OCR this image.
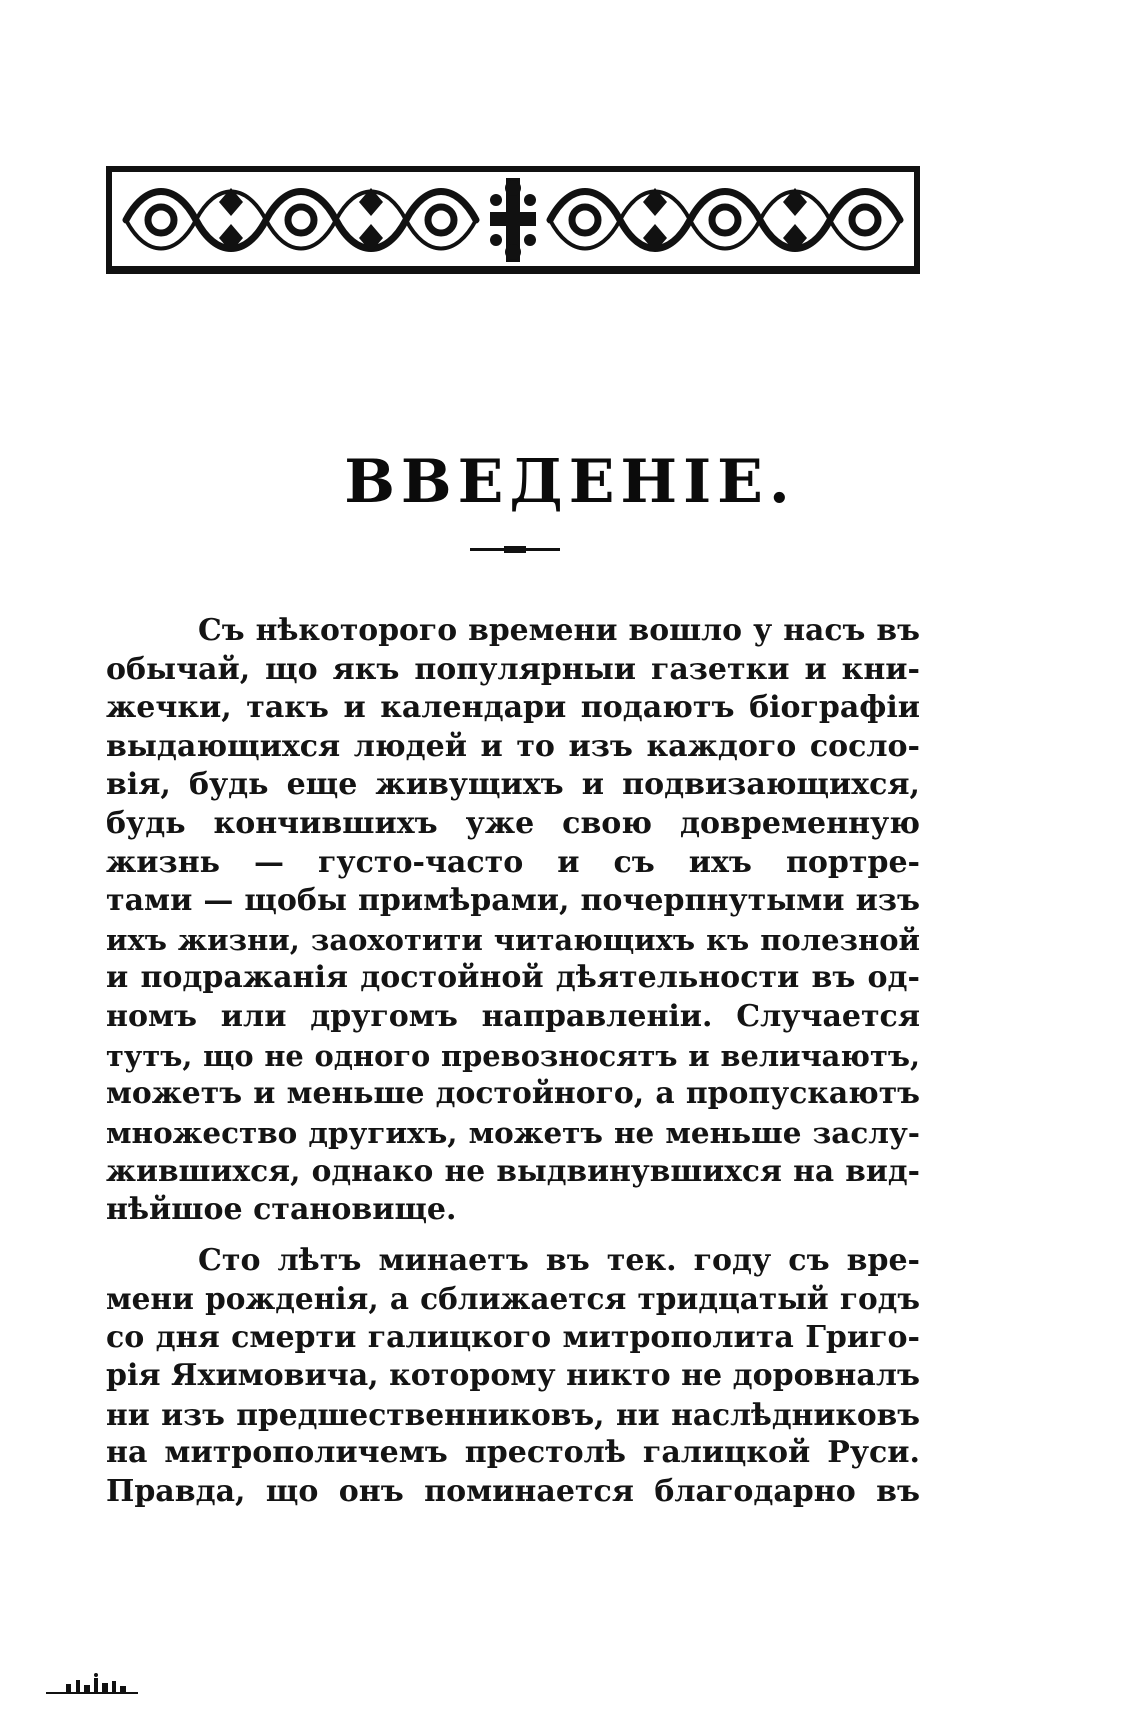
ВВЕДЕНІЕ.
Съ нѣкоторого времени вошло у насъ въ
обычай, що якъ популярныи газетки и кни-
жечки, такъ и календари подаютъ біографіи
выдающихся людей и то изъ каждого сосло-
вія, будь еще живущихъ и подвизающихся,
будь кончившихъ уже свою довременную
жизнь — густо-часто и съ ихъ портре-
тами — щобы примѣрами, почерпнутыми изъ
ихъ жизни, заохотити читающихъ къ полезной
и подражанія достойной дѣятельности въ од-
номъ или другомъ направленіи. Случается
тутъ, що не одного превозносятъ и величаютъ,
можетъ и меньше достойного, а пропускаютъ
множество другихъ, можетъ не меньше заслу-
жившихся, однако не выдвинувшихся на вид-
нѣйшое становище.
Сто лѣтъ минаетъ въ тек. году съ вре-
мени рожденія, а сближается тридцатый годъ
со дня смерти галицкого митрополита Григо-
рія Яхимовича, которому никто не доровналъ
ни изъ предшественниковъ, ни наслѣдниковъ
на митрополичемъ престолѣ галицкой Руси.
Правда, що онъ поминается благодарно въ
